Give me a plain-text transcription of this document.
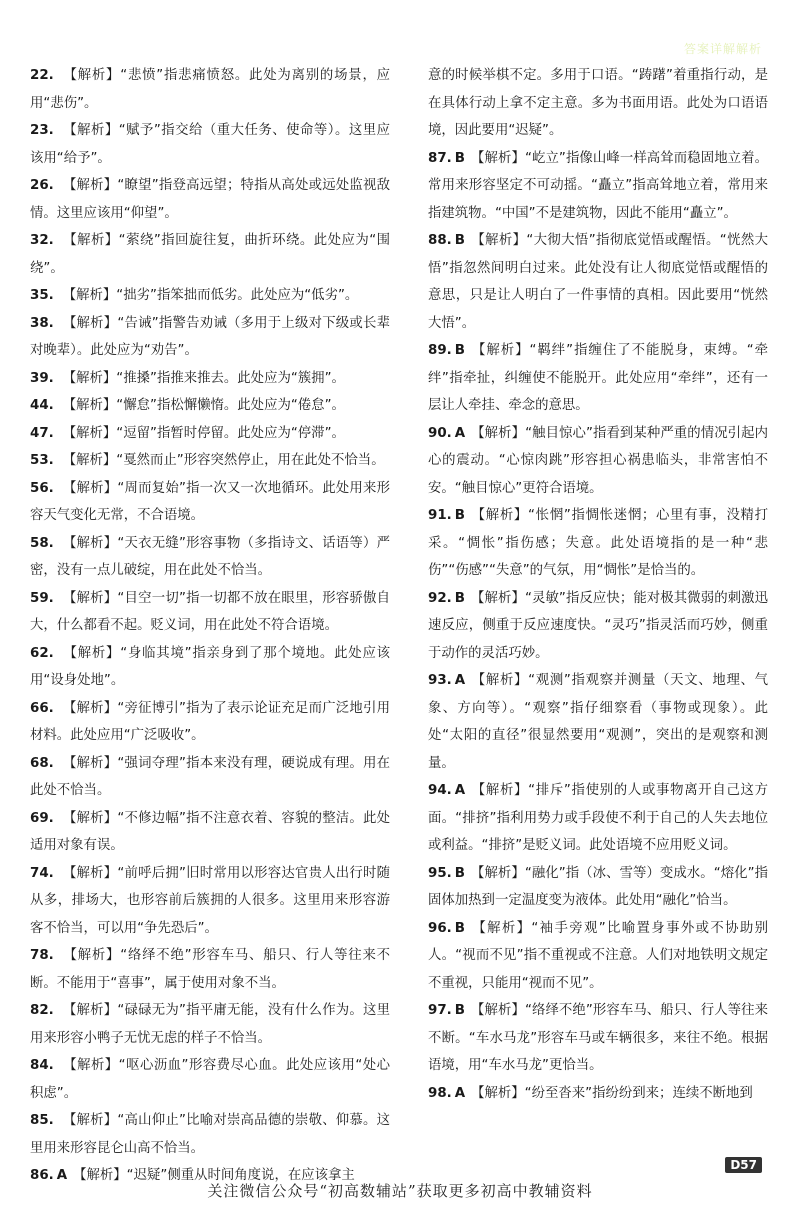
答案详解解析

22. 【解析】“悲愤”指悲痛愤怒。此处为离别的场景，应用“悲伤”。

23. 【解析】“赋予”指交给（重大任务、使命等）。这里应该用“给予”。

26. 【解析】“瞭望”指登高远望；特指从高处或远处监视敌情。这里应该用“仰望”。

32. 【解析】“萦绕”指回旋往复，曲折环绕。此处应为“围绕”。

35. 【解析】“拙劣”指笨拙而低劣。此处应为“低劣”。

38. 【解析】“告诫”指警告劝诫（多用于上级对下级或长辈对晚辈）。此处应为“劝告”。

39. 【解析】“推搡”指推来推去。此处应为“簇拥”。

44. 【解析】“懈怠”指松懈懒惰。此处应为“倦怠”。

47. 【解析】“逗留”指暂时停留。此处应为“停滞”。

53. 【解析】“戛然而止”形容突然停止，用在此处不恰当。

56. 【解析】“周而复始”指一次又一次地循环。此处用来形容天气变化无常，不合语境。

58. 【解析】“天衣无缝”形容事物（多指诗文、话语等）严密，没有一点儿破绽，用在此处不恰当。

59. 【解析】“目空一切”指一切都不放在眼里，形容骄傲自大，什么都看不起。贬义词，用在此处不符合语境。

62. 【解析】“身临其境”指亲身到了那个境地。此处应该用“设身处地”。

66. 【解析】“旁征博引”指为了表示论证充足而广泛地引用材料。此处应用“广泛吸收”。

68. 【解析】“强词夺理”指本来没有理，硬说成有理。用在此处不恰当。

69. 【解析】“不修边幅”指不注意衣着、容貌的整洁。此处适用对象有误。

74. 【解析】“前呼后拥”旧时常用以形容达官贵人出行时随从多，排场大，也形容前后簇拥的人很多。这里用来形容游客不恰当，可以用“争先恐后”。

78. 【解析】“络绎不绝”形容车马、船只、行人等往来不断。不能用于“喜事”，属于使用对象不当。

82. 【解析】“碌碌无为”指平庸无能，没有什么作为。这里用来形容小鸭子无忧无虑的样子不恰当。

84. 【解析】“呕心沥血”形容费尽心血。此处应该用“处心积虑”。

85. 【解析】“高山仰止”比喻对崇高品德的崇敬、仰慕。这里用来形容昆仑山高不恰当。

86. A 【解析】“迟疑”侧重从时间角度说，在应该拿主

意的时候举棋不定。多用于口语。“踌躇”着重指行动，是在具体行动上拿不定主意。多为书面用语。此处为口语语境，因此要用“迟疑”。

87. B 【解析】“屹立”指像山峰一样高耸而稳固地立着。常用来形容坚定不可动摇。“矗立”指高耸地立着，常用来指建筑物。“中国”不是建筑物，因此不能用“矗立”。

88. B 【解析】“大彻大悟”指彻底觉悟或醒悟。“恍然大悟”指忽然间明白过来。此处没有让人彻底觉悟或醒悟的意思，只是让人明白了一件事情的真相。因此要用“恍然大悟”。

89. B 【解析】“羁绊”指缠住了不能脱身，束缚。“牵绊”指牵扯，纠缠使不能脱开。此处应用“牵绊”，还有一层让人牵挂、牵念的意思。

90. A 【解析】“触目惊心”指看到某种严重的情况引起内心的震动。“心惊肉跳”形容担心祸患临头，非常害怕不安。“触目惊心”更符合语境。

91. B 【解析】“怅惘”指惆怅迷惘；心里有事，没精打采。“惆怅”指伤感；失意。此处语境指的是一种“悲伤”“伤感”“失意”的气氛，用“惆怅”是恰当的。

92. B 【解析】“灵敏”指反应快；能对极其微弱的刺激迅速反应，侧重于反应速度快。“灵巧”指灵活而巧妙，侧重于动作的灵活巧妙。

93. A 【解析】“观测”指观察并测量（天文、地理、气象、方向等）。“观察”指仔细察看（事物或现象）。此处“太阳的直径”很显然要用“观测”，突出的是观察和测量。

94. A 【解析】“排斥”指使别的人或事物离开自己这方面。“排挤”指利用势力或手段使不利于自己的人失去地位或利益。“排挤”是贬义词。此处语境不应用贬义词。

95. B 【解析】“融化”指（冰、雪等）变成水。“熔化”指固体加热到一定温度变为液体。此处用“融化”恰当。

96. B 【解析】“袖手旁观”比喻置身事外或不协助别人。“视而不见”指不重视或不注意。人们对地铁明文规定不重视，只能用“视而不见”。

97. B 【解析】“络绎不绝”形容车马、船只、行人等往来不断。“车水马龙”形容车马或车辆很多，来往不绝。根据语境，用“车水马龙”更恰当。

98. A 【解析】“纷至沓来”指纷纷到来；连续不断地到

D57
关注微信公众号“初高数辅站”获取更多初高中教辅资料
